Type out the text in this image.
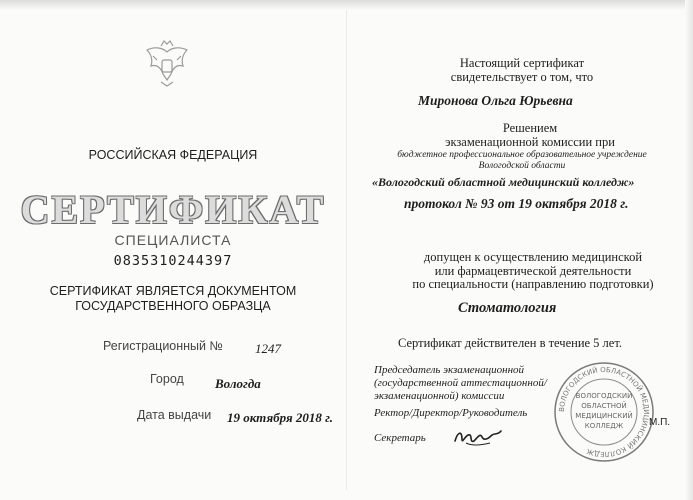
РОССИЙСКАЯ ФЕДЕРАЦИЯ
СЕРТИФИКАТ
СПЕЦИАЛИСТА
0835310244397
СЕРТИФИКАТ ЯВЛЯЕТСЯ ДОКУМЕНТОМ
ГОСУДАРСТВЕННОГО ОБРАЗЦА
Регистрационный № 1247
Город Вологда
Дата выдачи 19 октября 2018 г.
Настоящий сертификат
свидетельствует о том, что
Миронова Ольга Юрьевна
Решением
экзаменационной комиссии при
бюджетное профессиональное образовательное учреждение
Вологодской области
«Вологодский областной медицинский колледж»
протокол № 93 от 19 октября 2018 г.
допущен к осуществлению медицинской
или фармацевтической деятельности
по специальности (направлению подготовки)
Стоматология
Сертификат действителен в течение 5 лет.
Председатель экзаменационной
(государственной аттестационной/
экзаменационной) комиссии
Ректор/Директор/Руководитель
Секретарь
ВОЛОГОДСКИЙ ОБЛАСТНОЙ МЕДИЦИНСКИЙ КОЛЛЕДЖ
ВОЛОГОДСКИЙ
ОБЛАСТНОЙ
МЕДИЦИНСКИЙ
КОЛЛЕДЖ	М.П.
